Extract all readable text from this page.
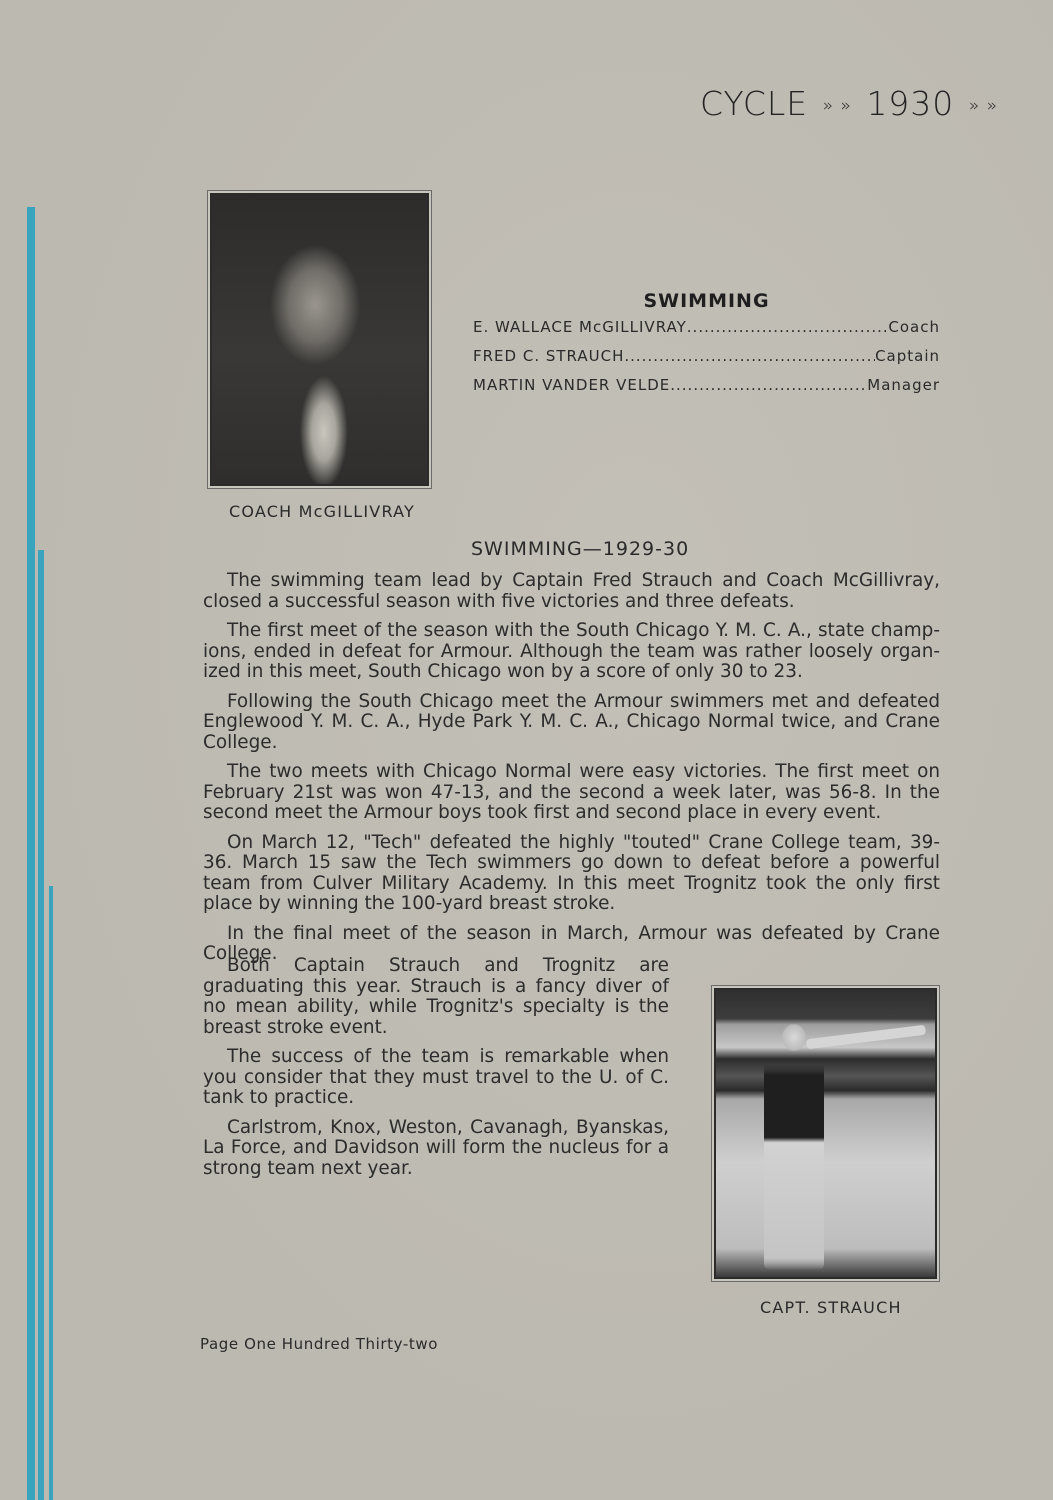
CYCLE » » 1930 » »
COACH McGILLIVRAY
SWIMMING
E. WALLACE McGILLIVRAY .....	Coach
FRED C. STRAUCH .....	Captain
MARTIN VANDER VELDE .....	Manager
SWIMMING—1929-30

The swimming team lead by Captain Fred Strauch and Coach McGillivray, closed a successful season with five victories and three defeats.

The first meet of the season with the South Chicago Y. M. C. A., state champions, ended in defeat for Armour. Although the team was rather loosely organized in this meet, South Chicago won by a score of only 30 to 23.

Following the South Chicago meet the Armour swimmers met and defeated Englewood Y. M. C. A., Hyde Park Y. M. C. A., Chicago Normal twice, and Crane College.

The two meets with Chicago Normal were easy victories. The first meet on February 21st was won 47-13, and the second a week later, was 56-8. In the second meet the Armour boys took first and second place in every event.

On March 12, "Tech" defeated the highly "touted" Crane College team, 39-36. March 15 saw the Tech swimmers go down to defeat before a powerful team from Culver Military Academy. In this meet Trognitz took the only first place by winning the 100-yard breast stroke.

In the final meet of the season in March, Armour was defeated by Crane College.

Both Captain Strauch and Trognitz are graduating this year. Strauch is a fancy diver of no mean ability, while Trognitz's specialty is the breast stroke event.

The success of the team is remarkable when you consider that they must travel to the U. of C. tank to practice.

Carlstrom, Knox, Weston, Cavanagh, Byanskas, La Force, and Davidson will form the nucleus for a strong team next year.

CAPT. STRAUCH
Page One Hundred Thirty-two
